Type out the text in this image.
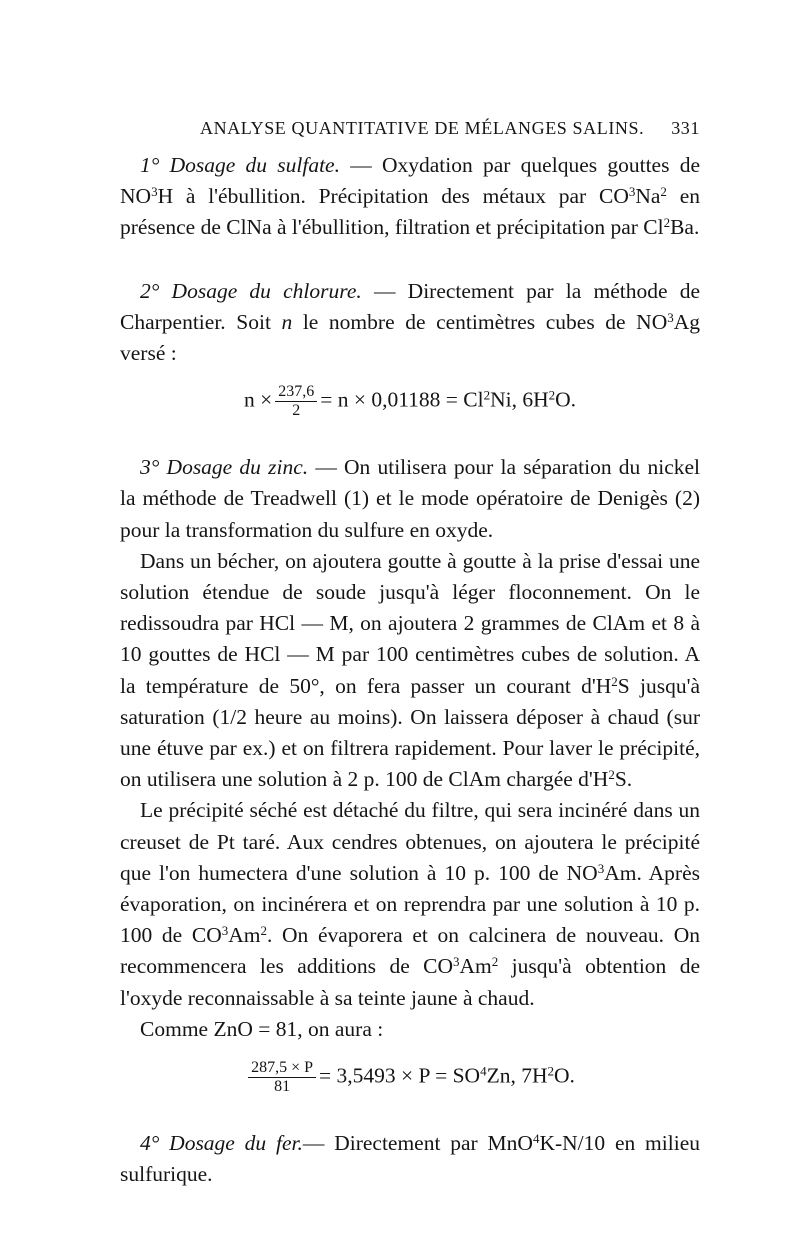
ANALYSE QUANTITATIVE DE MÉLANGES SALINS. 331

1° Dosage du sulfate. — Oxydation par quelques gouttes de $NO^3H$ à l'ébullition. Précipitation des métaux par $CO^3Na^2$ en présence de ClNa à l'ébullition, filtration et précipitation par Cl$^2$Ba.

2° Dosage du chlorure. — Directement par la méthode de Charpentier. Soit n le nombre de centimètres cubes de $NO^3Ag$ versé :

$n \times \frac{237,6}{2} = n \times 0,01188 = Cl^2Ni$, $6H^2O$.

3° Dosage du zinc. — On utilisera pour la séparation du nickel la méthode de Treadwell (1) et le mode opératoire de Denigès (2) pour la transformation du sulfure en oxyde.

Dans un bécher, on ajoutera goutte à goutte à la prise d'essai une solution étendue de soude jusqu'à léger floconnement. On le redissoudra par HCl — M, on ajoutera 2 grammes de ClAm et 8 à 10 gouttes de HCl — M par 100 centimètres cubes de solution. A la température de 50°, on fera passer un courant $d'H^2S$ jusqu'à saturation (1/2 heure au moins). On laissera déposer à chaud (sur une étuve par ex.) et on filtrera rapidement. Pour laver le précipité, on utilisera une solution à 2 p. 100 de ClAm chargée $d'H^2S$.

Le précipité séché est détaché du filtre, qui sera incinéré dans un creuset de Pt taré. Aux cendres obtenues, on ajoutera le précipité que l'on humectera d'une solution à 10 p. 100 de $NO^3Am$. Après évaporation, on incinérera et on reprendra par une solution à 10 p. 100 de $CO^3Am^2$. On évaporera et on calcinera de nouveau. On recommencera les additions de $CO^3Am^2$ jusqu'à obtention de l'oxyde reconnaissable à sa teinte jaune à chaud.

Comme ZnO = 81, on aura :

$\frac{287,5 \times P}{81} = 3,5493 \times P = SO^4Zn$, $7H^2O$.

4° Dosage du fer.— Directement par MnO$^4$K-N/10 en milieu sulfurique.
